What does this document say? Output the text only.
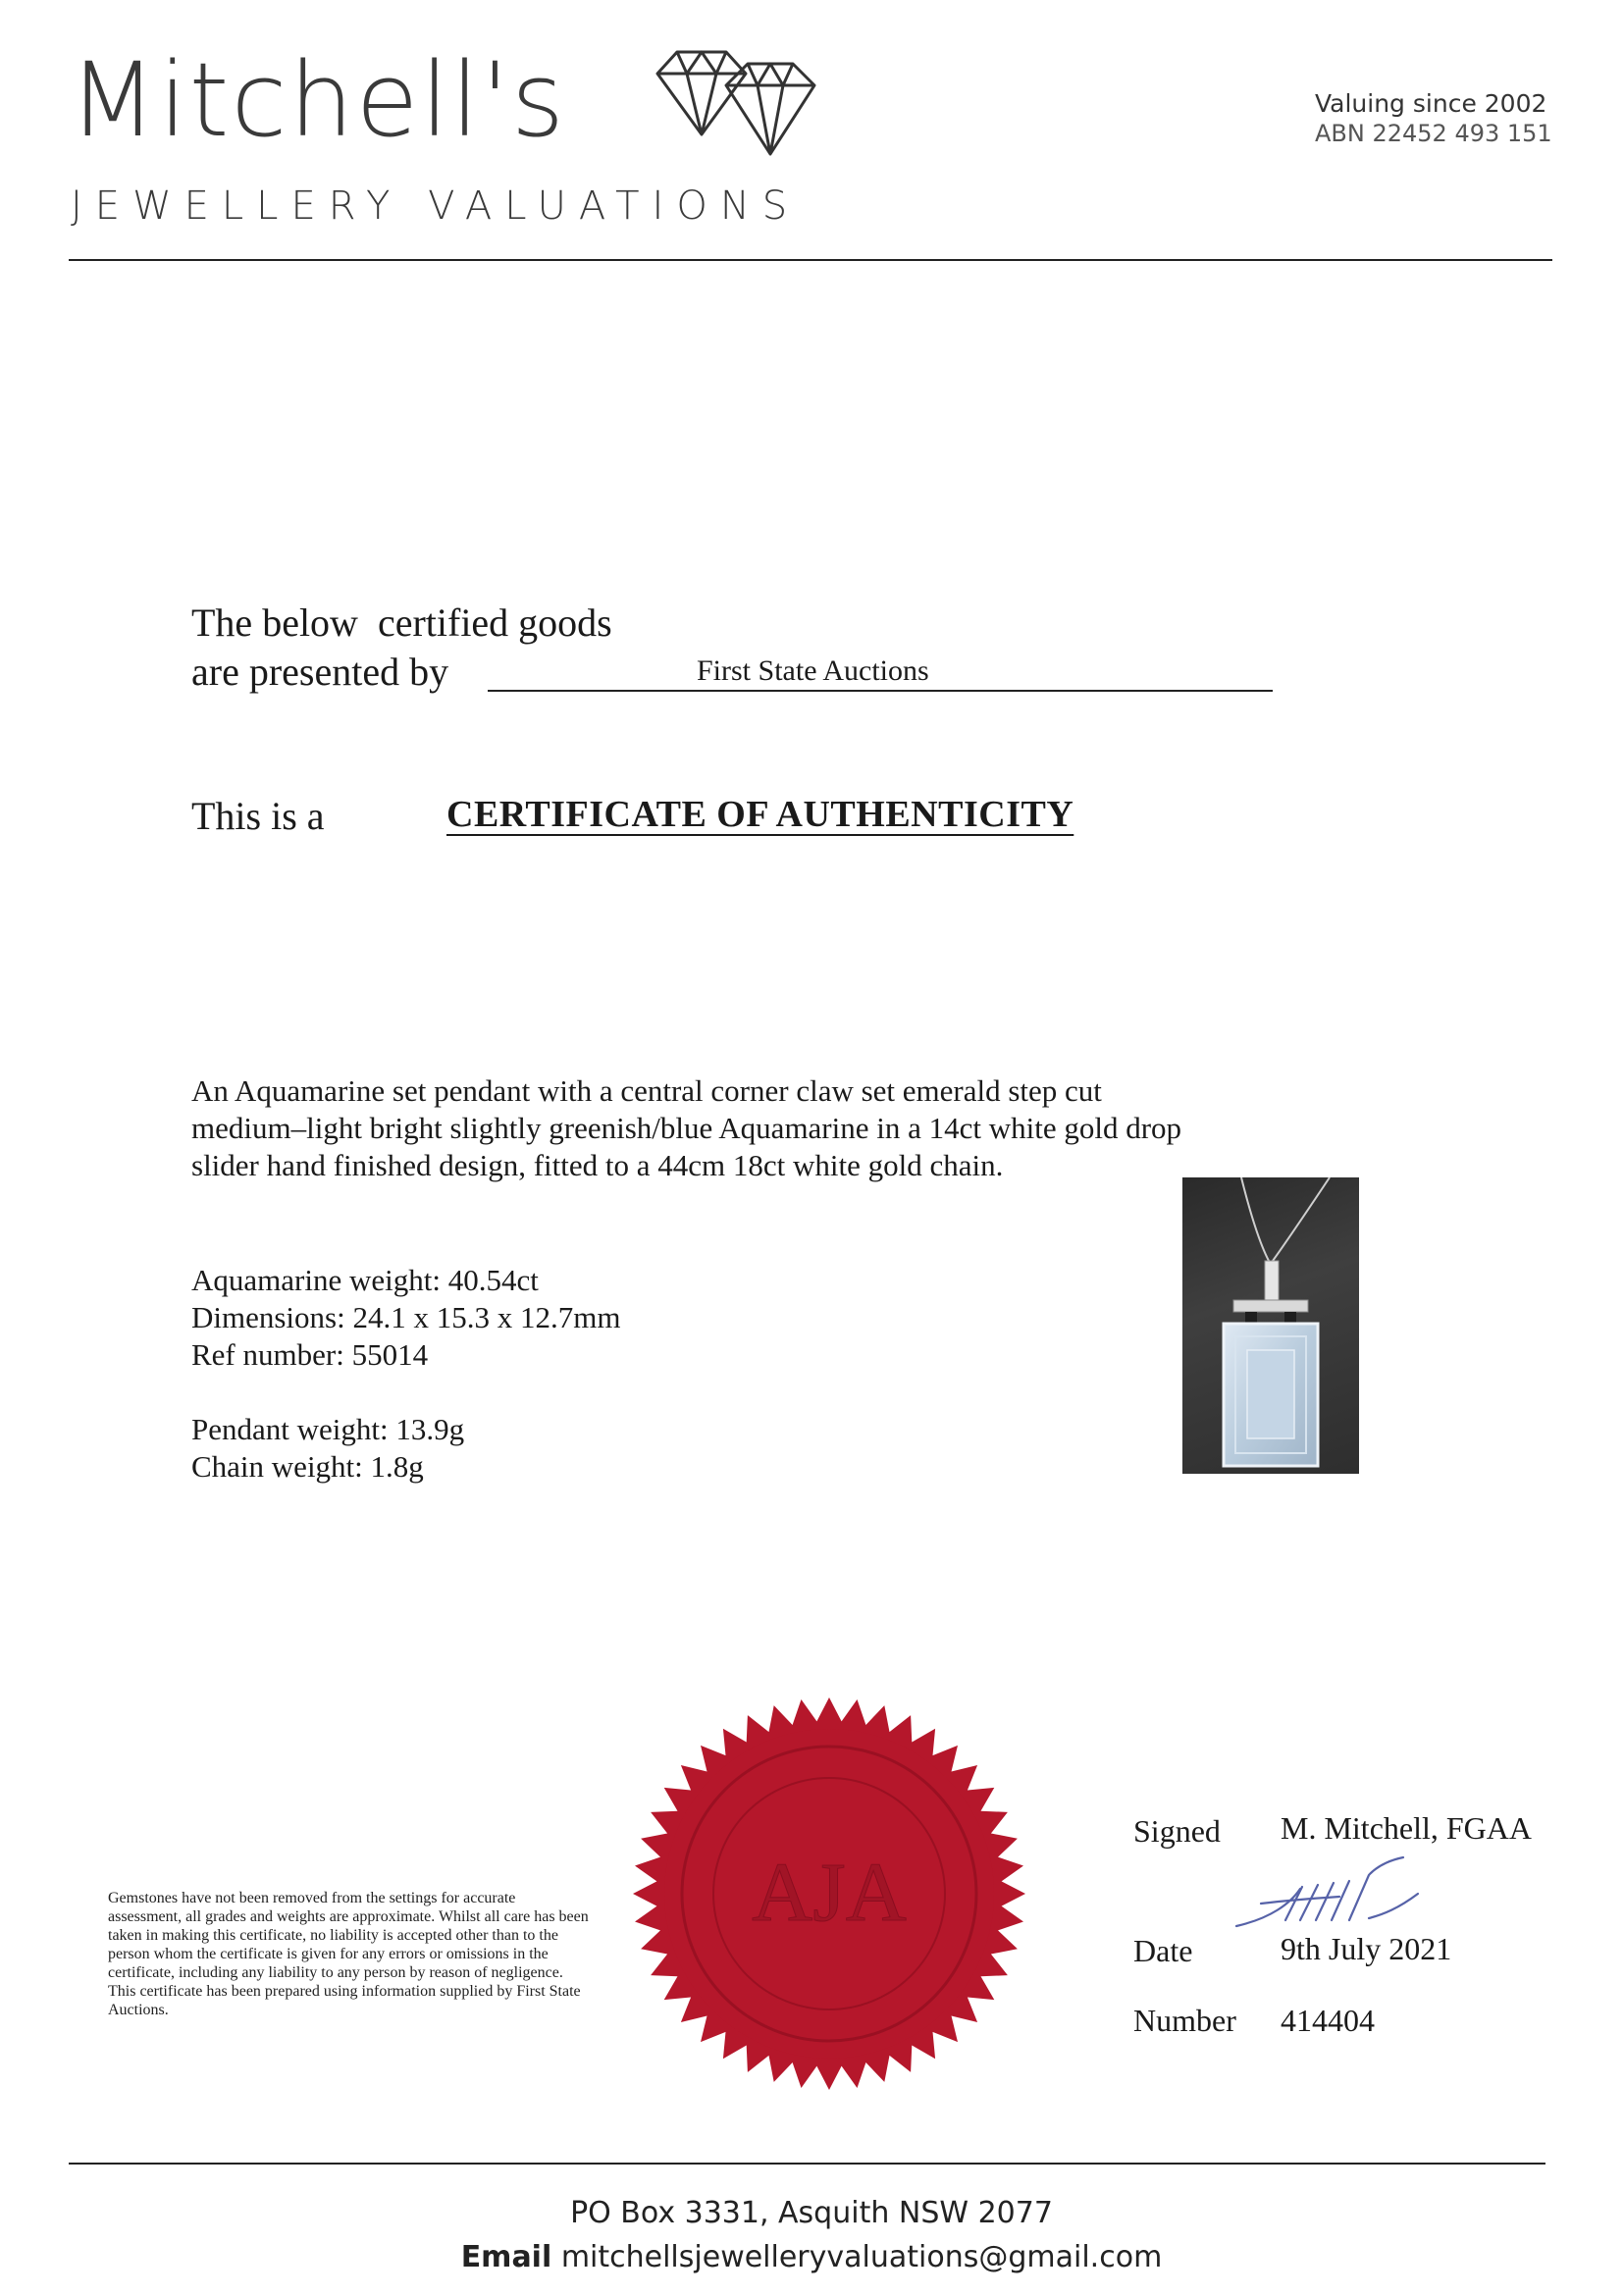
Mitchell's
JEWELLERY VALUATIONS
Valuing since 2002
ABN 22452 493 151
The below  certified goods
are presented by	First State Auctions
This is a	CERTIFICATE OF AUTHENTICITY
An Aquamarine set pendant with a central corner claw set emerald step cut medium–light bright slightly greenish/blue Aquamarine in a 14ct white gold drop slider hand finished design, fitted to a 44cm 18ct white gold chain.
Aquamarine weight: 40.54ct
Dimensions: 24.1 x 15.3 x 12.7mm
Ref number: 55014
Pendant weight: 13.9g
Chain weight: 1.8g
AJA
Gemstones have not been removed from the settings for accurate assessment, all grades and weights are approximate. Whilst all care has been taken in making this certificate, no liability is accepted other than to the person whom the certificate is given for any errors or omissions in the certificate, including any liability to any person by reason of negligence. This certificate has been prepared using information supplied by First State Auctions.
Signed M. Mitchell, FGAA
Date	9th July 2021
Number 414404
PO Box 3331, Asquith NSW 2077
Email mitchellsjewelleryvaluations@gmail.com
